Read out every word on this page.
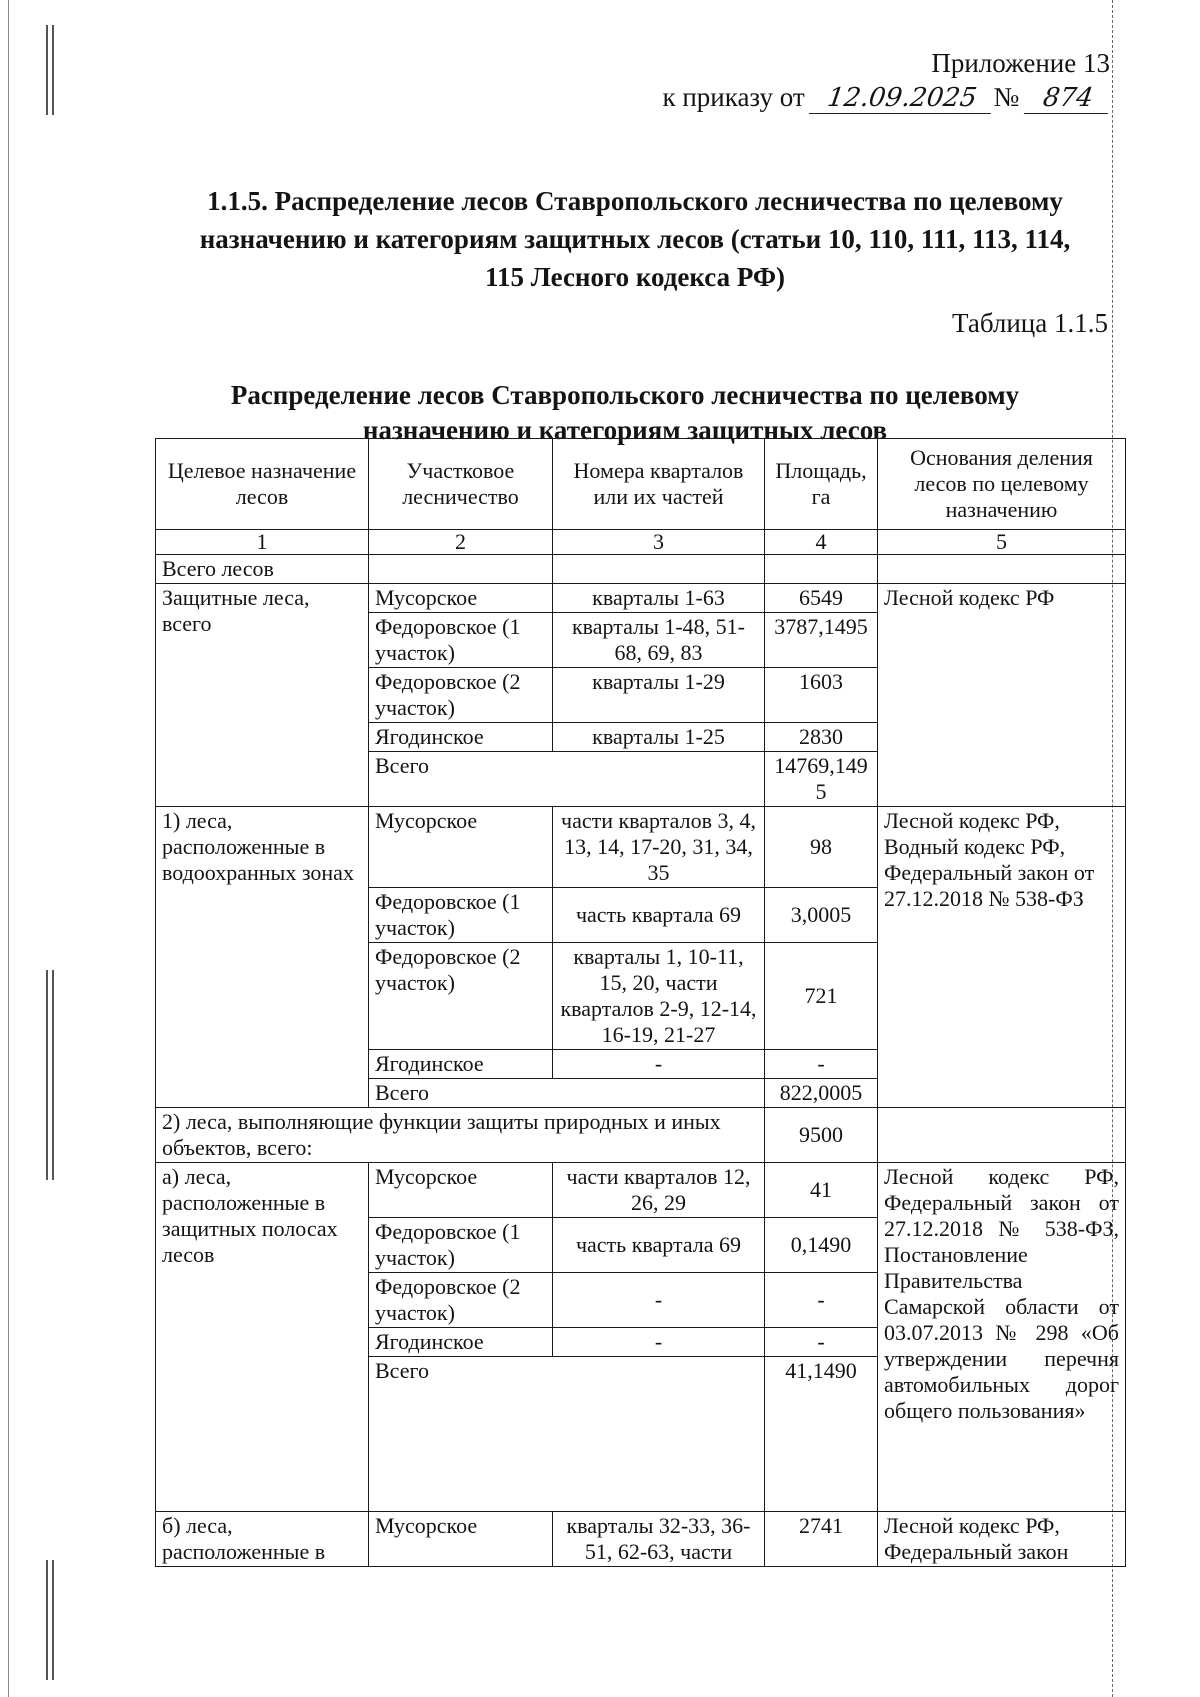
Приложение 13
к приказу от 12.09.2025 № 874
1.1.5. Распределение лесов Ставропольского лесничества по целевому
назначению и категориям защитных лесов (статьи 10, 110, 111, 113, 114,
115 Лесного кодекса РФ)
Таблица 1.1.5
Распределение лесов Ставропольского лесничества по целевому
назначению и категориям защитных лесов
Целевое назначение лесов	Участковое лесничество	Номера кварталов или их частей	Площадь, га	Основания деления лесов по целевому назначению
1	2	3	4	5
Всего лесов				
Защитные леса, всего	Мусорское	кварталы 1-63	6549	Лесной кодекс РФ
	Федоровское (1 участок)	кварталы 1-48, 51-68, 69, 83	3787,1495	
	Федоровское (2 участок)	кварталы 1-29	1603	
	Ягодинское	кварталы 1-25	2830	
	Всего		14769,1495	
1) леса, расположенные в водоохранных зонах	Мусорское	части кварталов 3, 4, 13, 14, 17-20, 31, 34, 35	98	Лесной кодекс РФ, Водный кодекс РФ, Федеральный закон от 27.12.2018 № 538-ФЗ
	Федоровское (1 участок)	часть квартала 69	3,0005	
	Федоровское (2 участок)	кварталы 1, 10-11, 15, 20, части кварталов 2-9, 12-14, 16-19, 21-27	721	
	Ягодинское	-	-	
	Всего		822,0005	
2) леса, выполняющие функции защиты природных и иных объектов, всего:			9500	
а) леса, расположенные в защитных полосах лесов	Мусорское	части кварталов 12, 26, 29	41	Лесной кодекс РФ, Федеральный закон от 27.12.2018 № 538-ФЗ, Постановление Правительства Самарской области от 03.07.2013 № 298 «Об утверждении перечня автомобильных дорог общего пользования»
	Федоровское (1 участок)	часть квартала 69	0,1490	
	Федоровское (2 участок)	-	-	
	Ягодинское	-	-	
	Всего		41,1490	
б) леса, расположенные в	Мусорское	кварталы 32-33, 36-51, 62-63, части	2741	Лесной кодекс РФ, Федеральный закон
